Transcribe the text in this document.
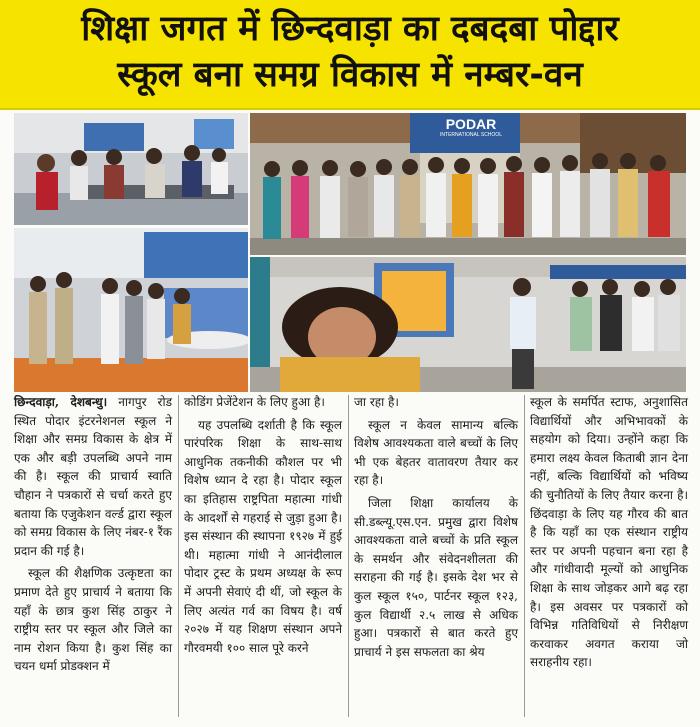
शिक्षा जगत में छिन्दवाड़ा का दबदबा पोद्दार
स्कूल बना समग्र विकास में नम्बर-वन
PODAR
INTERNATIONAL SCHOOL

छिन्दवाड़ा, देशबन्धु। नागपुर रोड स्थित पोदार इंटरनेशनल स्कूल ने शिक्षा और समग्र विकास के क्षेत्र में एक और बड़ी उपलब्धि अपने नाम की है। स्कूल की प्राचार्य स्वाति चौहान ने पत्रकारों से चर्चा करते हुए बताया कि एजुकेशन वर्ल्ड द्वारा स्कूल को समग्र विकास के लिए नंबर-१ रैंक प्रदान की गई है।

स्कूल की शैक्षणिक उत्कृष्टता का प्रमाण देते हुए प्राचार्य ने बताया कि यहाँ के छात्र कुश सिंह ठाकुर ने राष्ट्रीय स्तर पर स्कूल और जिले का नाम रोशन किया है। कुश सिंह का चयन धर्मा प्रोडक्शन में

कोडिंग प्रेजेंटेशन के लिए हुआ है।

यह उपलब्धि दर्शाती है कि स्कूल पारंपरिक शिक्षा के साथ-साथ आधुनिक तकनीकी कौशल पर भी विशेष ध्यान दे रहा है। पोदार स्कूल का इतिहास राष्ट्रपिता महात्मा गांधी के आदर्शों से गहराई से जुड़ा हुआ है। इस संस्थान की स्थापना १९२७ में हुई थी। महात्मा गांधी ने आनंदीलाल पोदार ट्रस्ट के प्रथम अध्यक्ष के रूप में अपनी सेवाएं दी थीं, जो स्कूल के लिए अत्यंत गर्व का विषय है। वर्ष २०२७ में यह शिक्षण संस्थान अपने गौरवमयी १०० साल पूरे करने

जा रहा है।

स्कूल न केवल सामान्य बल्कि विशेष आवश्यकता वाले बच्चों के लिए भी एक बेहतर वातावरण तैयार कर रहा है।

जिला शिक्षा कार्यालय के सी.डब्ल्यू.एस.एन. प्रमुख द्वारा विशेष आवश्यकता वाले बच्चों के प्रति स्कूल के समर्थन और संवेदनशीलता की सराहना की गई है। इसके देश भर से कुल स्कूल १५०, पार्टनर स्कूल १२३, कुल विद्यार्थी २.५ लाख से अधिक हुआ। पत्रकारों से बात करते हुए प्राचार्य ने इस सफलता का श्रेय

स्कूल के समर्पित स्टाफ, अनुशासित विद्यार्थियों और अभिभावकों के सहयोग को दिया। उन्होंने कहा कि हमारा लक्ष्य केवल किताबी ज्ञान देना नहीं, बल्कि विद्यार्थियों को भविष्य की चुनौतियों के लिए तैयार करना है। छिंदवाड़ा के लिए यह गौरव की बात है कि यहाँ का एक संस्थान राष्ट्रीय स्तर पर अपनी पहचान बना रहा है और गांधीवादी मूल्यों को आधुनिक शिक्षा के साथ जोड़कर आगे बढ़ रहा है। इस अवसर पर पत्रकारों को विभिन्न गतिविधियों से निरीक्षण करवाकर अवगत कराया जो सराहनीय रहा।
